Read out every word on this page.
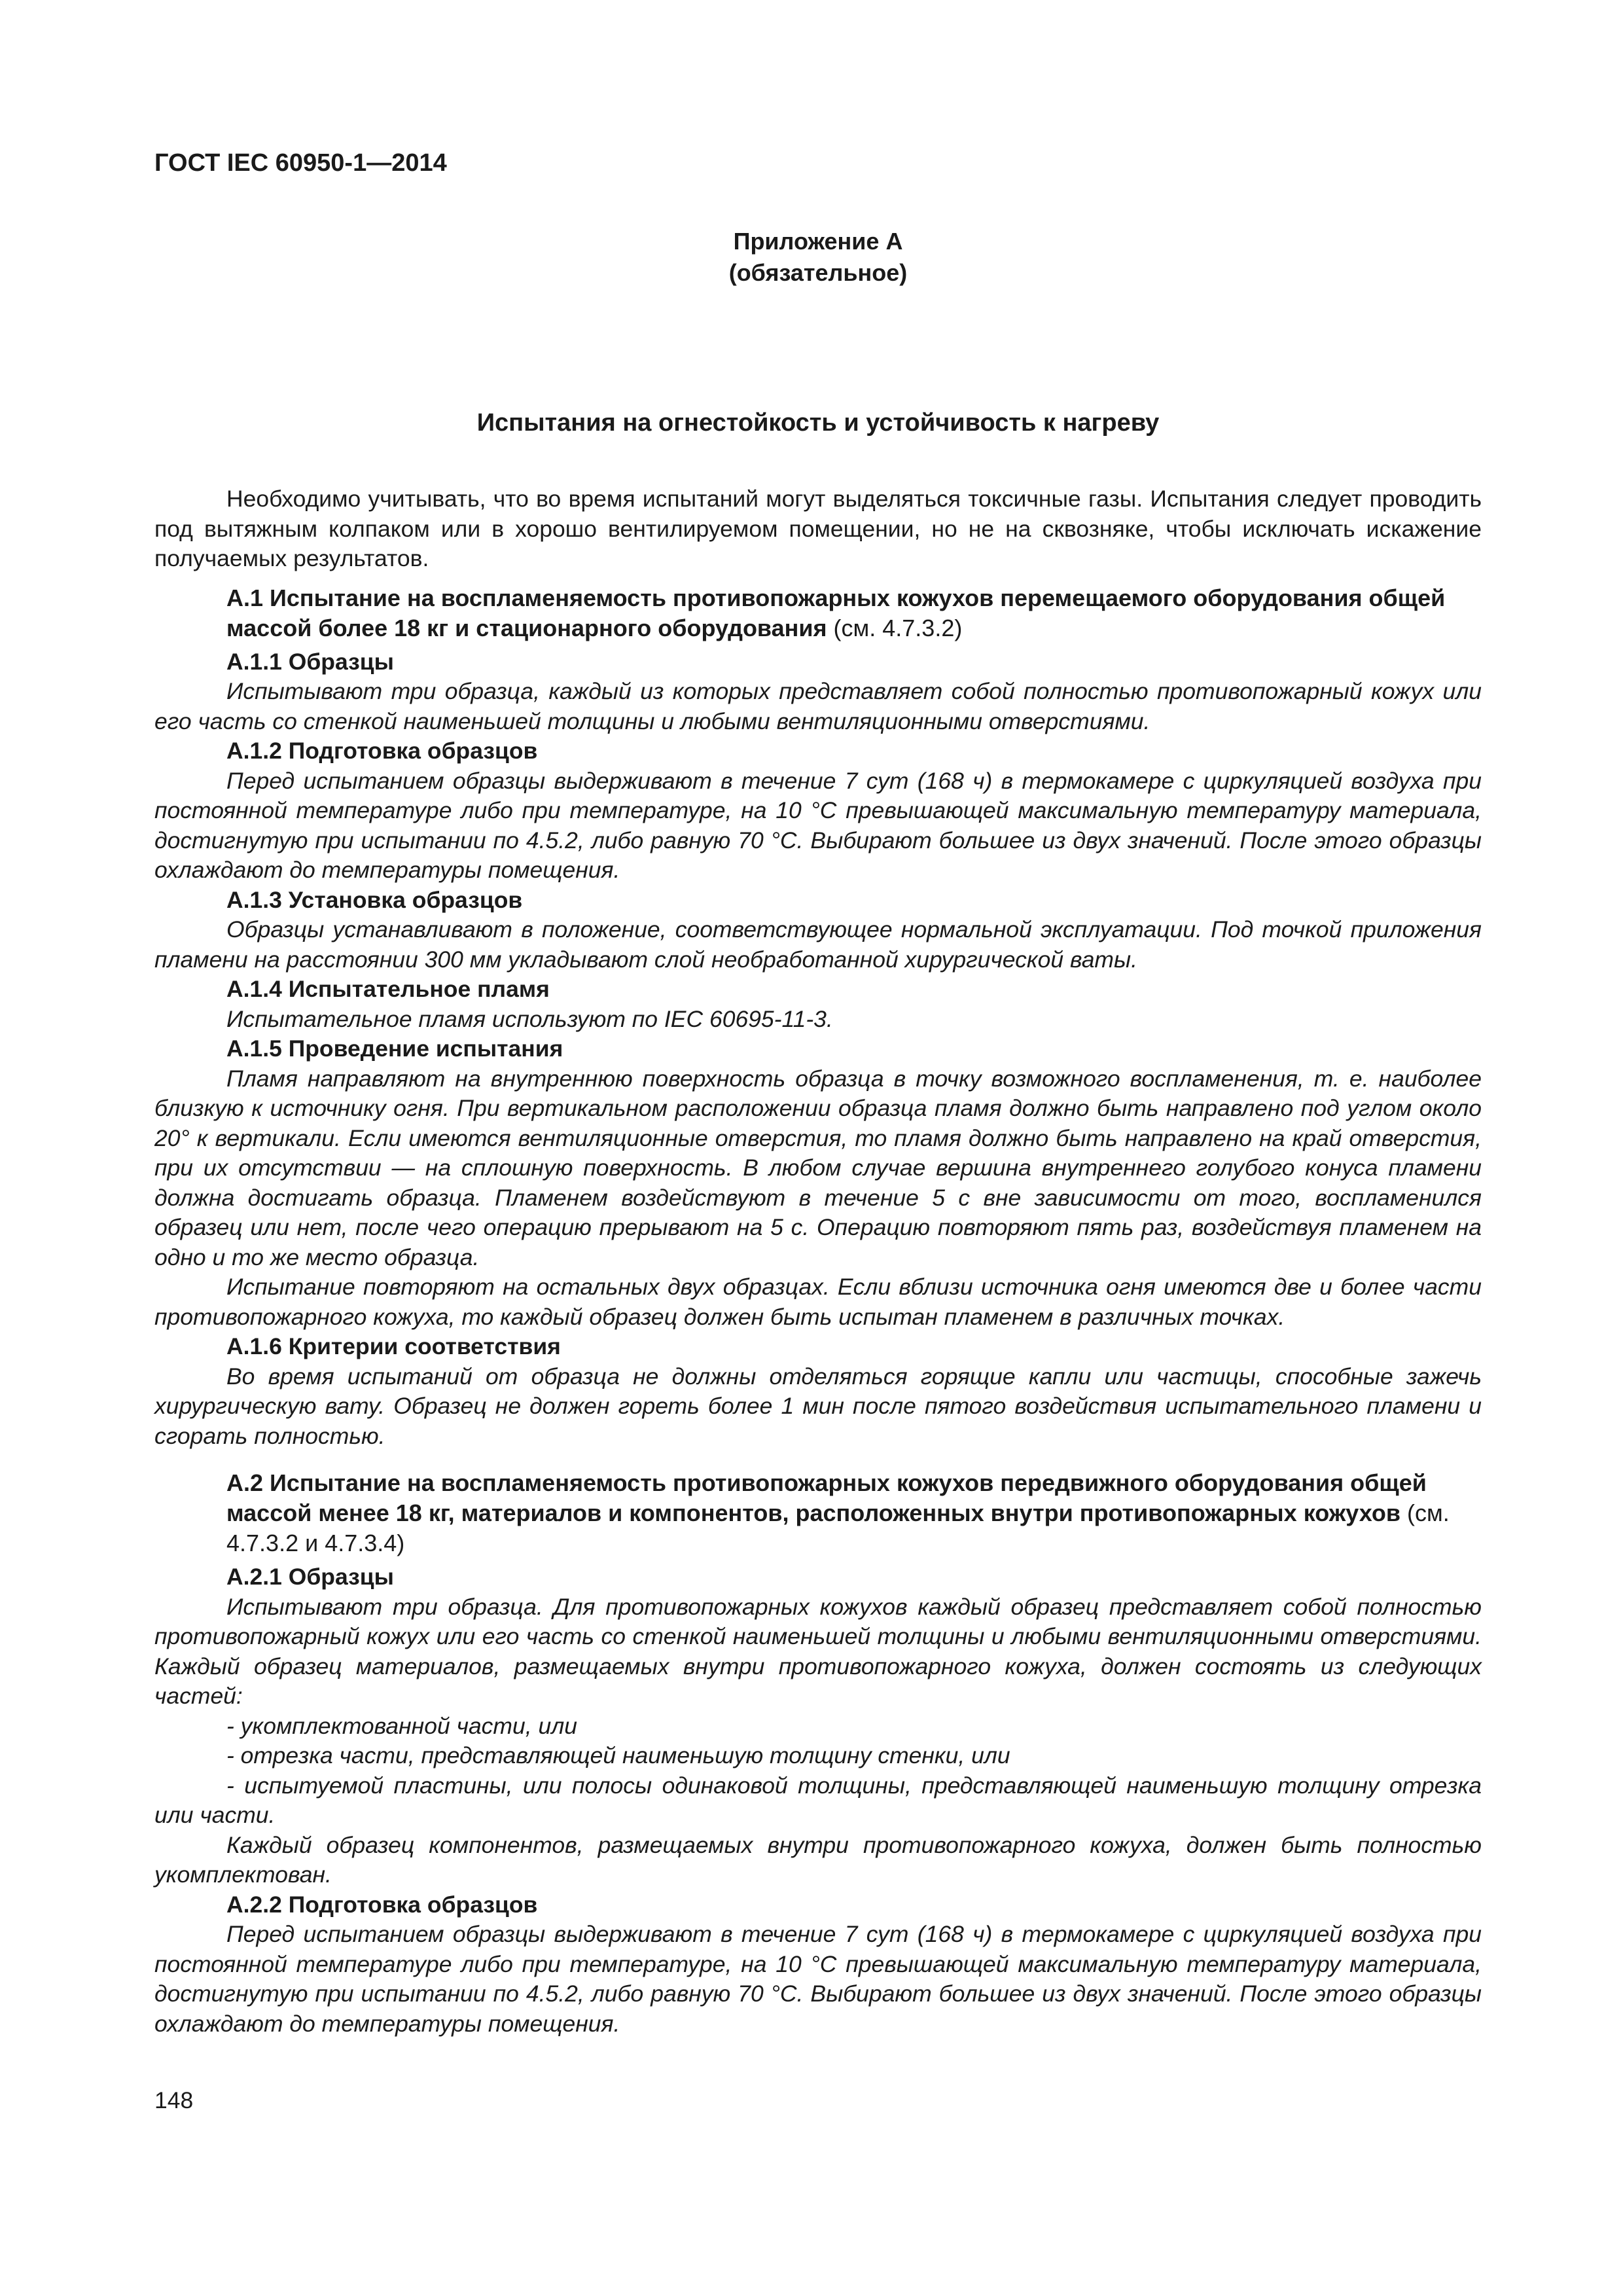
ГОСТ IEC 60950-1—2014
Приложение А
(обязательное)
Испытания на огнестойкость и устойчивость к нагреву

Необходимо учитывать, что во время испытаний могут выделяться токсичные газы. Испытания следует проводить под вытяжным колпаком или в хорошо вентилируемом помещении, но не на сквозняке, чтобы исключать искажение получаемых результатов.

А.1 Испытание на воспламеняемость противопожарных кожухов перемещаемого оборудования общей массой более 18 кг и стационарного оборудования (см. 4.7.3.2)
А.1.1 Образцы

Испытывают три образца, каждый из которых представляет собой полностью противопожарный кожух или его часть со стенкой наименьшей толщины и любыми вентиляционными отверстиями.

А.1.2 Подготовка образцов

Перед испытанием образцы выдерживают в течение 7 сут (168 ч) в термокамере с циркуляцией воздуха при постоянной температуре либо при температуре, на 10 °С превышающей максимальную температуру материала, достигнутую при испытании по 4.5.2, либо равную 70 °С. Выбирают большее из двух значений. После этого образцы охлаждают до температуры помещения.

А.1.3 Установка образцов

Образцы устанавливают в положение, соответствующее нормальной эксплуатации. Под точкой приложения пламени на расстоянии 300 мм укладывают слой необработанной хирургической ваты.

А.1.4 Испытательное пламя

Испытательное пламя используют по IEC 60695-11-3.

А.1.5 Проведение испытания

Пламя направляют на внутреннюю поверхность образца в точку возможного воспламенения, т. е. наиболее близкую к источнику огня. При вертикальном расположении образца пламя должно быть направлено под углом около 20° к вертикали. Если имеются вентиляционные отверстия, то пламя должно быть направлено на край отверстия, при их отсутствии — на сплошную поверхность. В любом случае вершина внутреннего голубого конуса пламени должна достигать образца. Пламенем воздействуют в течение 5 с вне зависимости от того, воспламенился образец или нет, после чего операцию прерывают на 5 с. Операцию повторяют пять раз, воздействуя пламенем на одно и то же место образца.

Испытание повторяют на остальных двух образцах. Если вблизи источника огня имеются две и более части противопожарного кожуха, то каждый образец должен быть испытан пламенем в различных точках.

А.1.6 Критерии соответствия

Во время испытаний от образца не должны отделяться горящие капли или частицы, способные зажечь хирургическую вату. Образец не должен гореть более 1 мин после пятого воздействия испытательного пламени и сгорать полностью.

А.2 Испытание на воспламеняемость противопожарных кожухов передвижного оборудования общей массой менее 18 кг, материалов и компонентов, расположенных внутри противопожарных кожухов (см. 4.7.3.2 и 4.7.3.4)
А.2.1 Образцы

Испытывают три образца. Для противопожарных кожухов каждый образец представляет собой полностью противопожарный кожух или его часть со стенкой наименьшей толщины и любыми вентиляционными отверстиями. Каждый образец материалов, размещаемых внутри противопожарного кожуха, должен состоять из следующих частей:

- укомплектованной части, или

- отрезка части, представляющей наименьшую толщину стенки, или

- испытуемой пластины, или полосы одинаковой толщины, представляющей наименьшую толщину отрезка или части.

Каждый образец компонентов, размещаемых внутри противопожарного кожуха, должен быть полностью укомплектован.

А.2.2 Подготовка образцов

Перед испытанием образцы выдерживают в течение 7 сут (168 ч) в термокамере с циркуляцией воздуха при постоянной температуре либо при температуре, на 10 °С превышающей максимальную температуру материала, достигнутую при испытании по 4.5.2, либо равную 70 °С. Выбирают большее из двух значений. После этого образцы охлаждают до температуры помещения.

148
